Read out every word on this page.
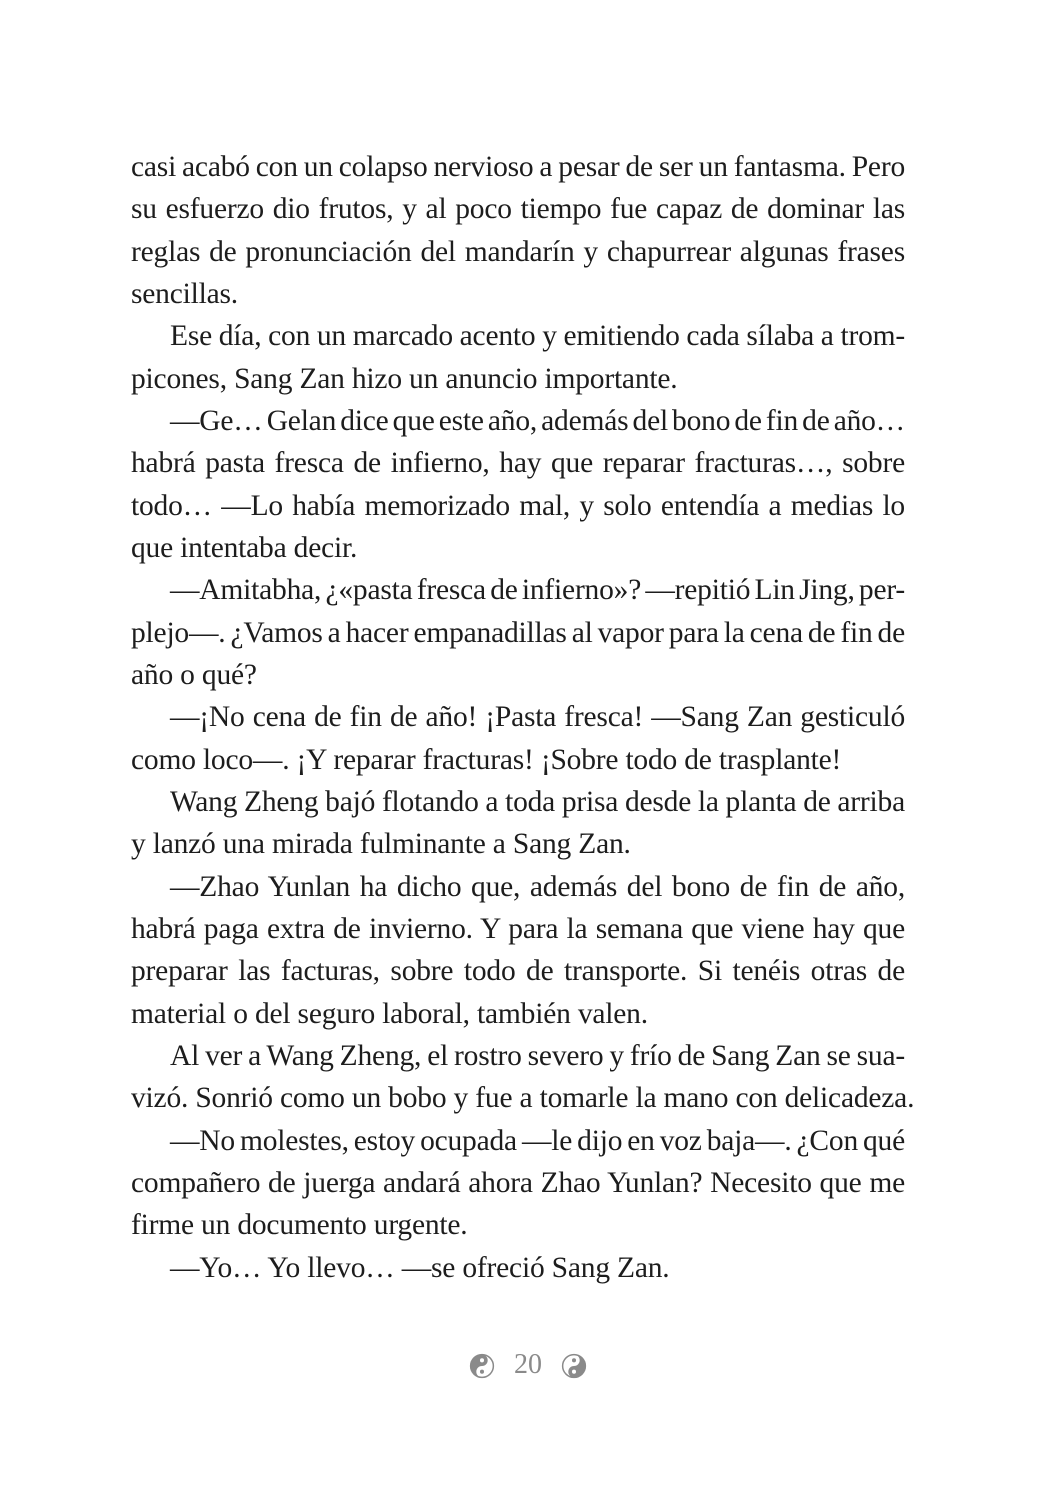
casi acabó con un colapso nervioso a pesar de ser un fantasma. Pero
su esfuerzo dio frutos, y al poco tiempo fue capaz de dominar las
reglas de pronunciación del mandarín y chapurrear algunas frases
sencillas.
Ese día, con un marcado acento y emitiendo cada sílaba a trom-
picones, Sang Zan hizo un anuncio importante.
—Ge… Gelan dice que este año, además del bono de fin de año…
habrá pasta fresca de infierno, hay que reparar fracturas…, sobre
todo… —Lo había memorizado mal, y solo entendía a medias lo
que intentaba decir.
—Amitabha, ¿«pasta fresca de infierno»? —repitió Lin Jing, per-
plejo—. ¿Vamos a hacer empanadillas al vapor para la cena de fin de
año o qué?
—¡No cena de fin de año! ¡Pasta fresca! —Sang Zan gesticuló
como loco—. ¡Y reparar fracturas! ¡Sobre todo de trasplante!
Wang Zheng bajó flotando a toda prisa desde la planta de arriba
y lanzó una mirada fulminante a Sang Zan.
—Zhao Yunlan ha dicho que, además del bono de fin de año,
habrá paga extra de invierno. Y para la semana que viene hay que
preparar las facturas, sobre todo de transporte. Si tenéis otras de
material o del seguro laboral, también valen.
Al ver a Wang Zheng, el rostro severo y frío de Sang Zan se sua-
vizó. Sonrió como un bobo y fue a tomarle la mano con delicadeza.
—No molestes, estoy ocupada —le dijo en voz baja—. ¿Con qué
compañero de juerga andará ahora Zhao Yunlan? Necesito que me
firme un documento urgente.
—Yo… Yo llevo… —se ofreció Sang Zan.
20
